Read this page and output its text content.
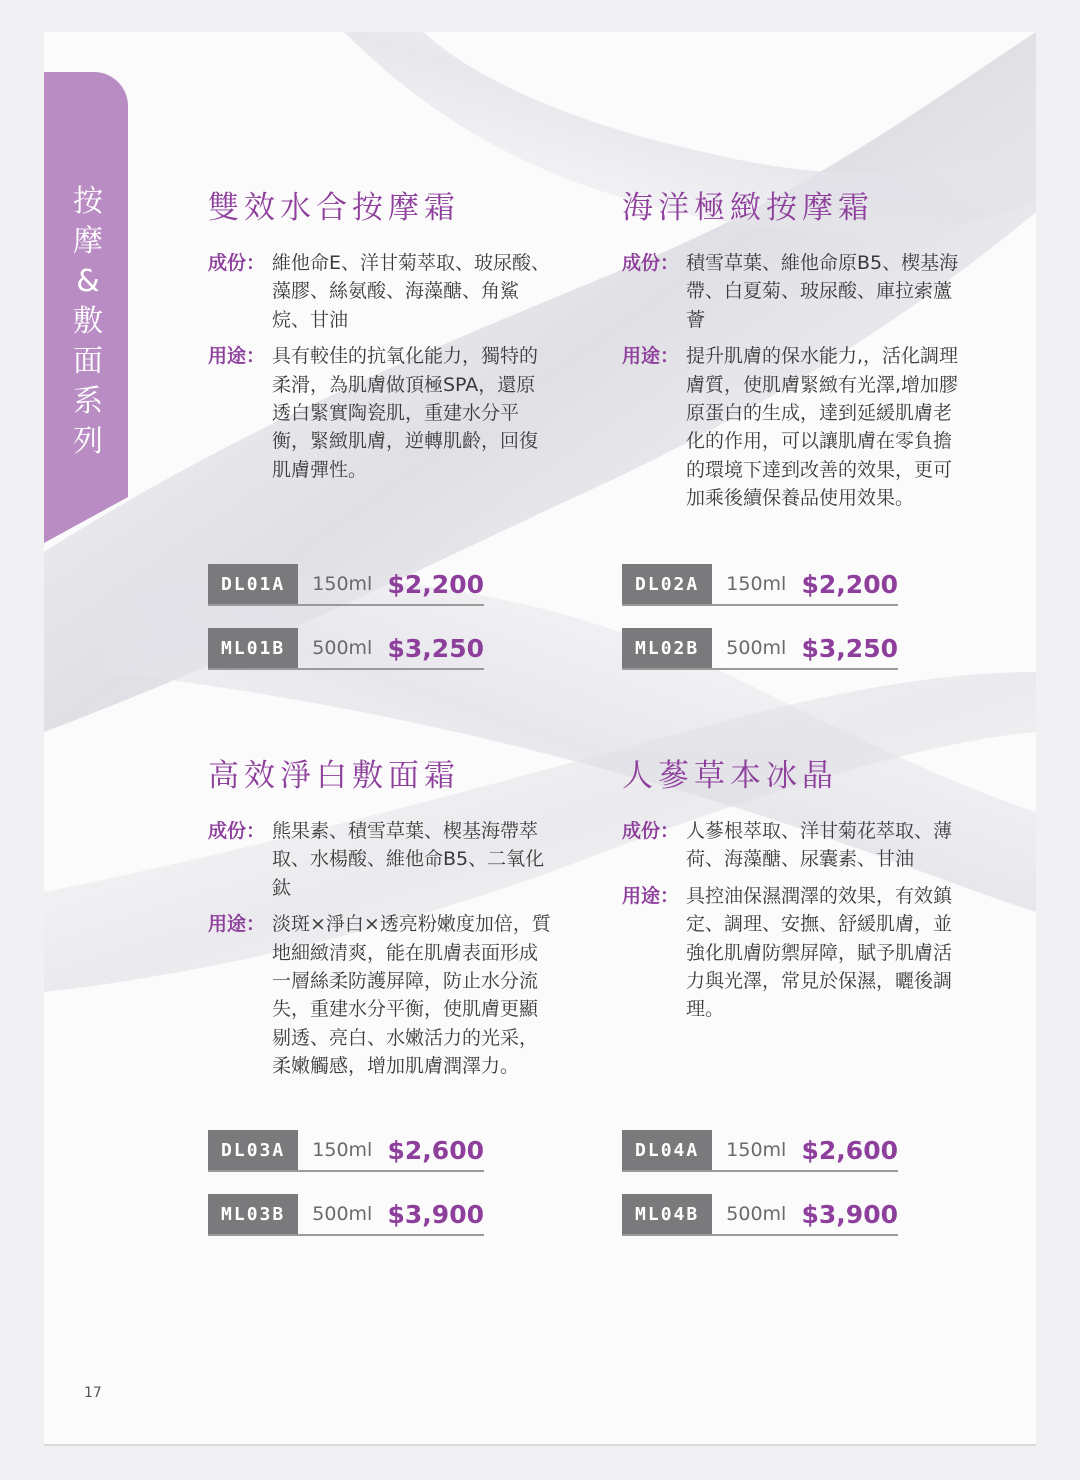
按摩&敷面系列
雙效水合按摩霜
成份： 維他命E、洋甘菊萃取、玻尿酸、藻膠、絲氨酸、海藻醣、角鯊烷、甘油
用途： 具有較佳的抗氧化能力，獨特的柔滑，為肌膚做頂極SPA，還原透白緊實陶瓷肌，重建水分平衡，緊緻肌膚，逆轉肌齡，回復肌膚彈性。
DL01A	150ml $2,200
ML01B	500ml $3,250
海洋極緻按摩霜
成份： 積雪草葉、維他命原B5、楔基海帶、白夏菊、玻尿酸、庫拉索蘆薈
用途： 提升肌膚的保水能力,，活化調理膚質，使肌膚緊緻有光澤,增加膠原蛋白的生成，達到延緩肌膚老化的作用，可以讓肌膚在零負擔的環境下達到改善的效果，更可加乘後續保養品使用效果。
DL02A	150ml $2,200
ML02B	500ml $3,250
高效淨白敷面霜
成份： 熊果素、積雪草葉、楔基海帶萃取、水楊酸、維他命B5、二氧化鈦
用途： 淡斑×淨白×透亮粉嫩度加倍，質地細緻清爽，能在肌膚表面形成一層絲柔防護屏障，防止水分流失，重建水分平衡，使肌膚更顯剔透、亮白、水嫩活力的光采，柔嫩觸感，增加肌膚潤澤力。
DL03A	150ml $2,600
ML03B	500ml $3,900
人蔘草本冰晶
成份： 人蔘根萃取、洋甘菊花萃取、薄荷、海藻醣、尿囊素、甘油
用途： 具控油保濕潤澤的效果，有效鎮定、調理、安撫、舒緩肌膚，並強化肌膚防禦屏障，賦予肌膚活力與光澤，常見於保濕，曬後調理。
DL04A	150ml $2,600
ML04B	500ml $3,900
17
